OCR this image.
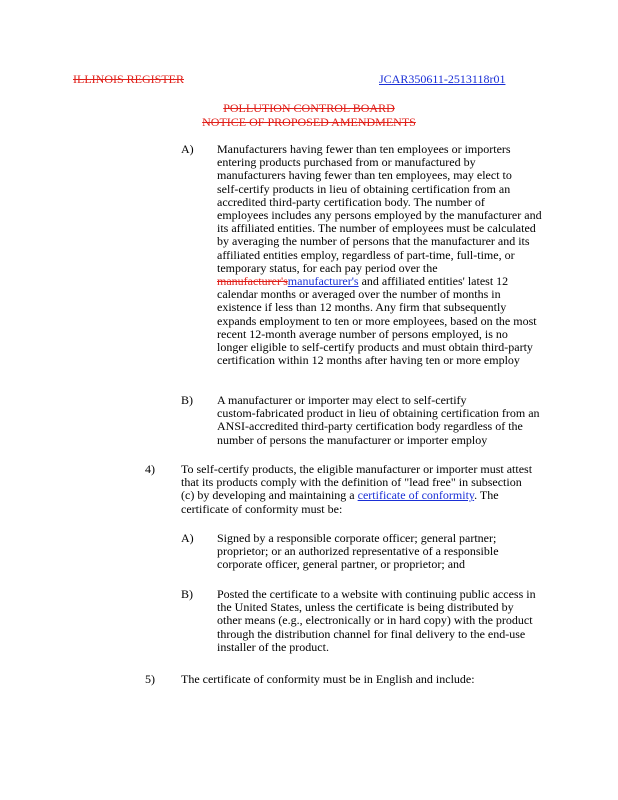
ILLINOIS REGISTER	JCAR350611-2513118r01
POLLUTION CONTROL BOARD
NOTICE OF PROPOSED AMENDMENTS
A) Manufacturers having fewer than ten employees or importers
entering products purchased from or manufactured by
manufacturers having fewer than ten employees, may elect to
self-certify products in lieu of obtaining certification from an
accredited third-party certification body. The number of
employees includes any persons employed by the manufacturer and
its affiliated entities. The number of employees must be calculated
by averaging the number of persons that the manufacturer and its
affiliated entities employ, regardless of part-time, full-time, or
temporary status, for each pay period over the
manufacturer'smanufacturer's and affiliated entities' latest 12
calendar months or averaged over the number of months in
existence if less than 12 months. Any firm that subsequently
expands employment to ten or more employees, based on the most
recent 12-month average number of persons employed, is no
longer eligible to self-certify products and must obtain third-party
certification within 12 months after having ten or more employ
B) A manufacturer or importer may elect to self-certify
custom-fabricated product in lieu of obtaining certification from an
ANSI-accredited third-party certification body regardless of the
number of persons the manufacturer or importer employ
4) To self-certify products, the eligible manufacturer or importer must attest
that its products comply with the definition of "lead free" in subsection
(c) by developing and maintaining a certificate of conformity. The
certificate of conformity must be:
A) Signed by a responsible corporate officer; general partner;
proprietor; or an authorized representative of a responsible
corporate officer, general partner, or proprietor; and
B) Posted the certificate to a website with continuing public access in
the United States, unless the certificate is being distributed by
other means (e.g., electronically or in hard copy) with the product
through the distribution channel for final delivery to the end-use
installer of the product.
5) The certificate of conformity must be in English and include:
